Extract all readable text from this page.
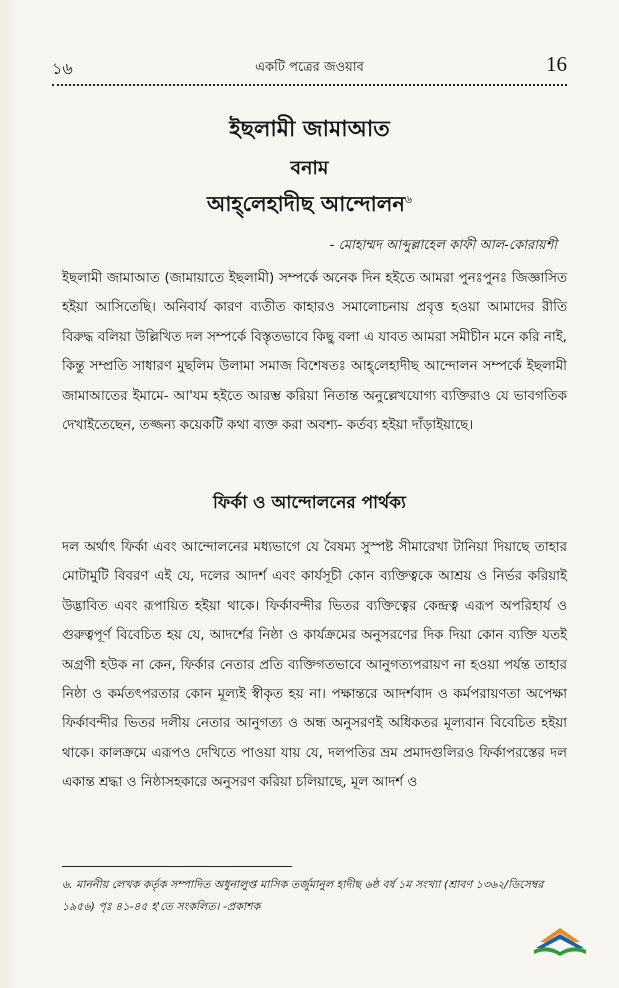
১৬	একটি পত্রের জওয়াব	16
ইছলামী জামাআত
বনাম
আহ্‌লেহাদীছ আন্দোলন$^৬$
- মোহাম্মদ আব্দুল্লাহেল কাফী আল-কোরায়শী

ইছলামী জামাআত (জামায়াতে ইছলামী) সম্পর্কে অনেক দিন হইতে আমরা পুনঃপুনঃ জিজ্ঞাসিত হইয়া আসিতেছি। অনিবার্য কারণ ব্যতীত কাহারও সমালোচনায় প্রবৃত্ত হওয়া আমাদের রীতি বিরুদ্ধ বলিয়া উল্লিখিত দল সম্পর্কে বিস্তৃতভাবে কিছু বলা এ যাবত আমরা সমীচীন মনে করি নাই, কিন্তু সম্প্রতি সাধারণ মুছলিম উলামা সমাজ বিশেষতঃ আহ্‌লেহাদীছ আন্দোলন সম্পর্কে ইছলামী জামাআতের ইমামে- আ'যম হইতে আরম্ভ করিয়া নিতান্ত অনুল্লেখযোগ্য ব্যক্তিরাও যে ভাবগতিক দেখাইতেছেন, তজ্জন্য কয়েকটি কথা ব্যক্ত করা অবশ্য- কর্তব্য হইয়া দাঁড়াইয়াছে।

ফির্কা ও আন্দোলনের পার্থক্য

দল অর্থাৎ ফির্কা এবং আন্দোলনের মধ্যভাগে যে বৈষম্য সুস্পষ্ট সীমারেখা টানিয়া দিয়াছে তাহার মোটামুটি বিবরণ এই যে, দলের আদর্শ এবং কার্যসূচী কোন ব্যক্তিত্বকে আশ্রয় ও নির্ভর করিয়াই উদ্ভাবিত এবং রূপায়িত হইয়া থাকে। ফির্কাবন্দীর ভিতর ব্যক্তিত্বের কেন্দ্রত্ব এরূপ অপরিহার্য ও গুরুত্বপূর্ণ বিবেচিত হয় যে, আদর্শের নিষ্ঠা ও কার্যক্রমের অনুসরণের দিক দিয়া কোন ব্যক্তি যতই অগ্রণী হউক না কেন, ফির্কার নেতার প্রতি ব্যক্তিগতভাবে আনুগত্যপরায়ণ না হওয়া পর্যন্ত তাহার নিষ্ঠা ও কর্মতৎপরতার কোন মূল্যই স্বীকৃত হয় না। পক্ষান্তরে আদর্শবাদ ও কর্মপরায়ণতা অপেক্ষা ফির্কাবন্দীর ভিতর দলীয় নেতার আনুগত্য ও অন্ধ অনুসরণই অধিকতর মূল্যবান বিবেচিত হইয়া থাকে। কালক্রমে এরূপও দেখিতে পাওয়া যায় যে, দলপতির ভ্রম প্রমাদগুলিরও ফির্কাপরস্তের দল একান্ত শ্রদ্ধা ও নিষ্ঠাসহকারে অনুসরণ করিয়া চলিয়াছে, মূল আদর্শ ও

৬. মাননীয় লেখক কর্তৃক সম্পাদিত অধুনালুপ্ত মাসিক তর্জুমানুল হাদীছ ৬ষ্ঠ বর্ষ ১ম সংখ্যা (শ্রাবণ ১৩৬২/ডিসেম্বর ১৯৫৬) পৃঃ ৪১-৪৫ হ'তে সংকলিত। -প্রকাশক
